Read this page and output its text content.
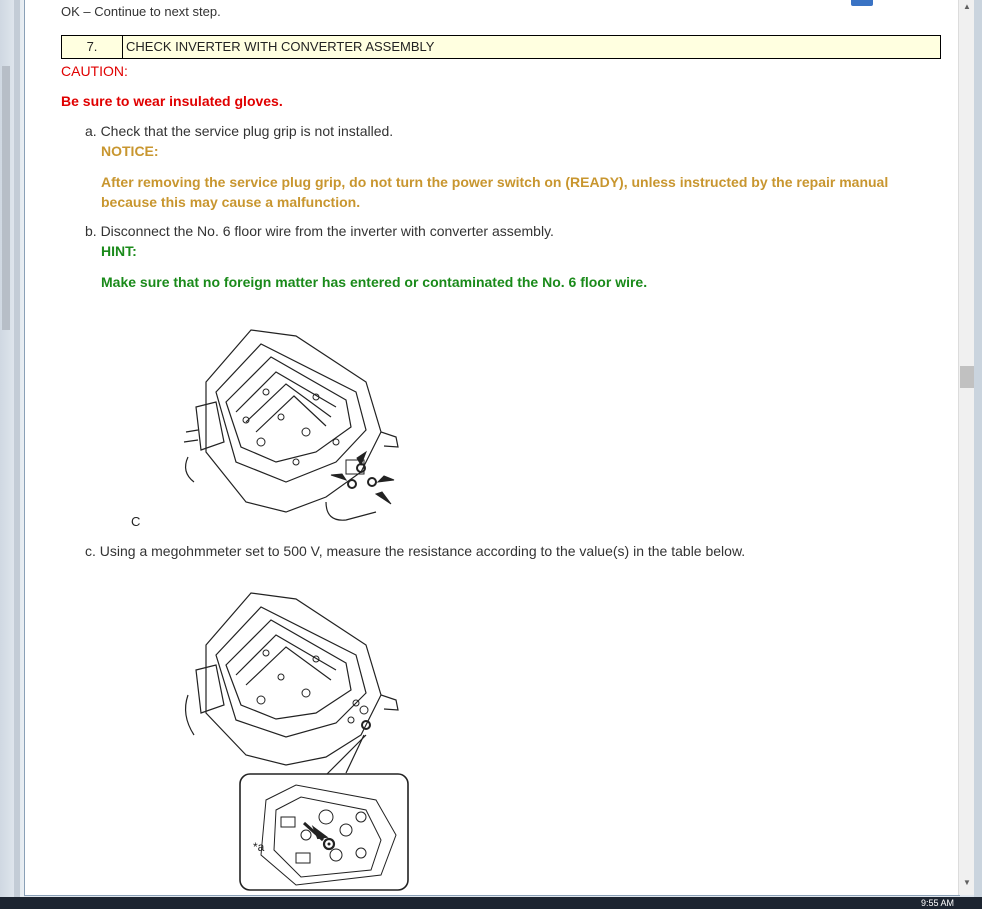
OK – Continue to next step.
7.	CHECK INVERTER WITH CONVERTER ASSEMBLY
CAUTION:
Be sure to wear insulated gloves.
a. Check that the service plug grip is not installed.
NOTICE:
After removing the service plug grip, do not turn the power switch on (READY), unless instructed by the repair manual because this may cause a malfunction.
b. Disconnect the No. 6 floor wire from the inverter with converter assembly.
HINT:
Make sure that no foreign matter has entered or contaminated the No. 6 floor wire.
C
c. Using a megohmmeter set to 500 V, measure the resistance according to the value(s) in the table below.
*a
▲
▼
9:55 AM
